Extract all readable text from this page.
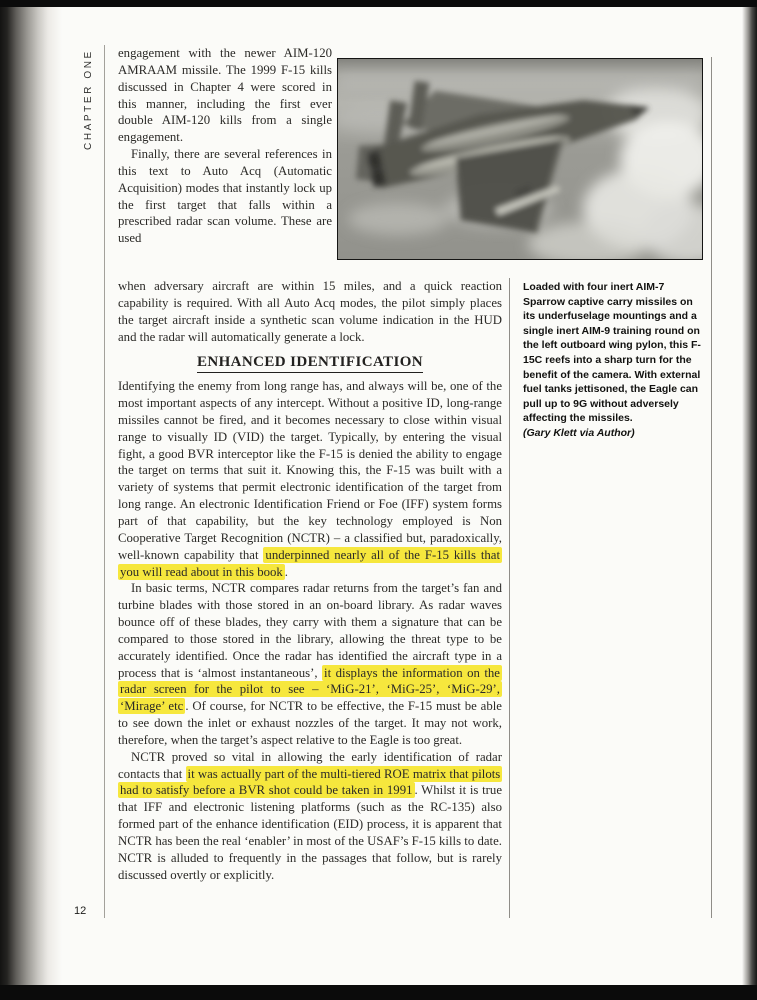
CHAPTER ONE
Loaded with four inert AIM-7 Sparrow captive carry missiles on its underfuselage mountings and a single inert AIM-9 training round on the left outboard wing pylon, this F-15C reefs into a sharp turn for the benefit of the camera. With external fuel tanks jettisoned, the Eagle can pull up to 9G without adversely affecting the missiles.
(Gary Klett via Author)

engagement with the newer AIM-120 AMRAAM missile. The 1999 F-15 kills discussed in Chapter 4 were scored in this manner, including the first ever double AIM-120 kills from a single engagement.

Finally, there are several references in this text to Auto Acq (Automatic Acquisition) modes that instantly lock up the first target that falls within a prescribed radar scan volume. These are used

when adversary aircraft are within 15 miles, and a quick reaction capability is required. With all Auto Acq modes, the pilot simply places the target aircraft inside a synthetic scan volume indication in the HUD and the radar will automatically generate a lock.

ENHANCED IDENTIFICATION

Identifying the enemy from long range has, and always will be, one of the most important aspects of any intercept. Without a positive ID, long-range missiles cannot be fired, and it becomes necessary to close within visual range to visually ID (VID) the target. Typically, by entering the visual fight, a good BVR interceptor like the F-15 is denied the ability to engage the target on terms that suit it. Knowing this, the F-15 was built with a variety of systems that permit electronic identification of the target from long range. An electronic Identification Friend or Foe (IFF) system forms part of that capability, but the key technology employed is Non Cooperative Target Recognition (NCTR) – a classified but, paradoxically, well-known capability that underpinned nearly all of the F-15 kills that you will read about in this book .

In basic terms, NCTR compares radar returns from the target’s fan and turbine blades with those stored in an on-board library. As radar waves bounce off of these blades, they carry with them a signature that can be compared to those stored in the library, allowing the threat type to be accurately identified. Once the radar has identified the aircraft type in a process that is ‘almost instantaneous’, it displays the information on the radar screen for the pilot to see – ‘MiG-21’, ‘MiG-25’, ‘MiG-29’, ‘Mirage’ etc . Of course, for NCTR to be effective, the F-15 must be able to see down the inlet or exhaust nozzles of the target. It may not work, therefore, when the target’s aspect relative to the Eagle is too great.

NCTR proved so vital in allowing the early identification of radar contacts that it was actually part of the multi-tiered ROE matrix that pilots had to satisfy before a BVR shot could be taken in 1991 . Whilst it is true that IFF and electronic listening platforms (such as the RC-135) also formed part of the enhance identification (EID) process, it is apparent that NCTR has been the real ‘enabler’ in most of the USAF’s F-15 kills to date. NCTR is alluded to frequently in the passages that follow, but is rarely discussed overtly or explicitly.

12
